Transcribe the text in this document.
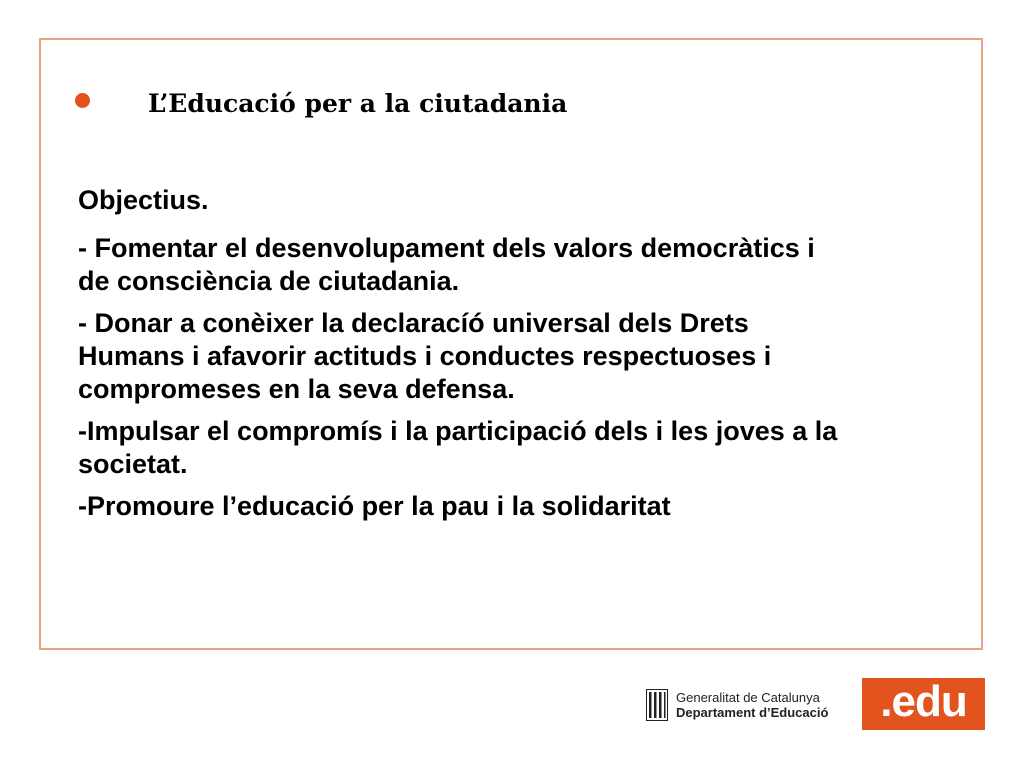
L’Educació per a la ciutadania

Objectius.

- Fomentar el desenvolupament dels valors democràtics i de consciència de ciutadania.

- Donar a conèixer la declaracíó universal dels Drets Humans i afavorir actituds i conductes respectuoses i compromeses en la seva defensa.

-Impulsar el compromís i la participació dels i les joves a la societat.

-Promoure l’educació per la pau i la solidaritat

Generalitat de Catalunya
Departament d’Educació	.edu
